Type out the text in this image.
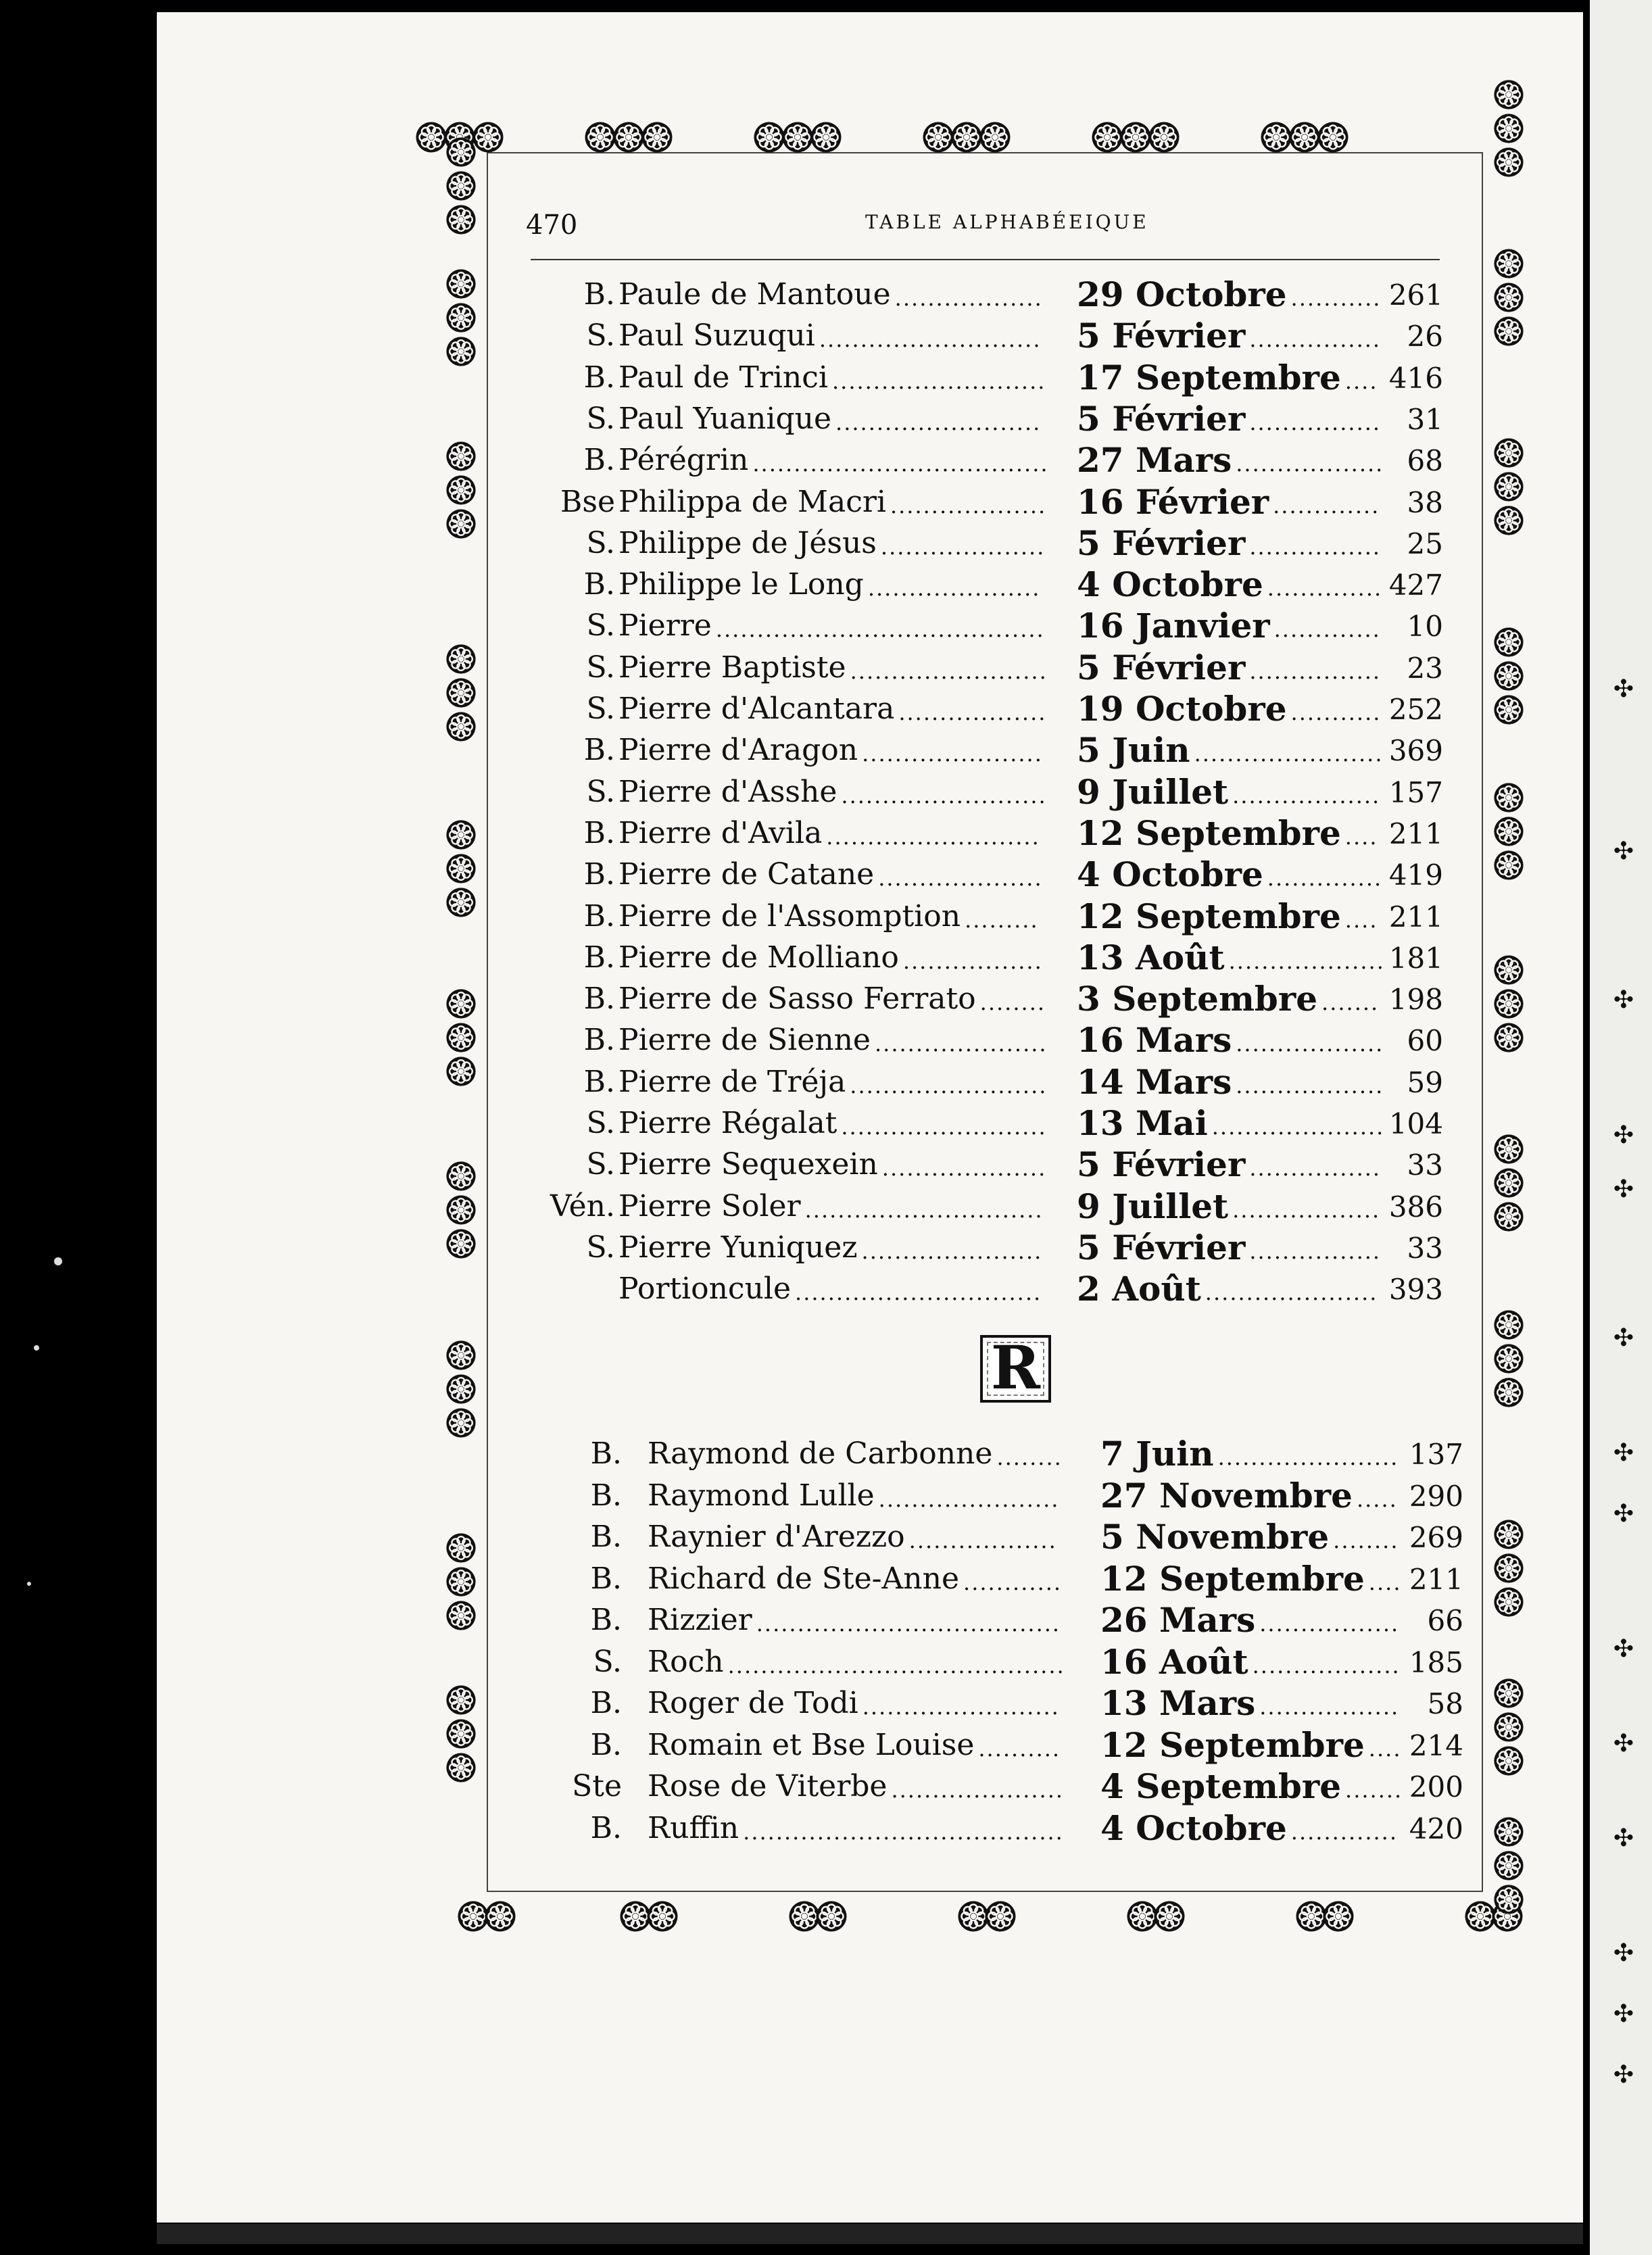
✣
✣
✣
✣
✣
✣
✣
✣
✣
✣
✣
✣
✣
✣
470	TABLE ALPHABÉEIQUE
B. Paule de Mantoue .................. 29 Octobre ........... 261
S. Paul Suzuqui ........................... 5 Février ................ 26
B. Paul de Trinci .......................... 17 Septembre .... 416
S. Paul Yuanique ......................... 5 Février ................ 31
B. Pérégrin .................................... 27 Mars .................. 68
Bse Philippa de Macri ................... 16 Février ............. 38
S. Philippe de Jésus .................... 5 Février ................ 25
B. Philippe le Long ..................... 4 Octobre .............. 427
S. Pierre ........................................ 16 Janvier ............. 10
S. Pierre Baptiste ........................ 5 Février ................ 23
S. Pierre d'Alcantara .................. 19 Octobre ........... 252
B. Pierre d'Aragon ...................... 5 Juin ....................... 369
S. Pierre d'Asshe ......................... 9 Juillet .................. 157
B. Pierre d'Avila .......................... 12 Septembre .... 211
B. Pierre de Catane .................... 4 Octobre .............. 419
B. Pierre de l'Assomption ......... 12 Septembre .... 211
B. Pierre de Molliano ................. 13 Août ................... 181
B. Pierre de Sasso Ferrato ........ 3 Septembre ....... 198
B. Pierre de Sienne ..................... 16 Mars .................. 60
B. Pierre de Tréja ........................ 14 Mars .................. 59
S. Pierre Régalat ......................... 13 Mai ..................... 104
S. Pierre Sequexein .................... 5 Février ................ 33
Vén. Pierre Soler ............................. 9 Juillet .................. 386
S. Pierre Yuniquez ...................... 5 Février ................ 33
Portioncule .............................. 2 Août ..................... 393
R
B. Raymond de Carbonne ........ 7 Juin ...................... 137
B. Raymond Lulle ...................... 27 Novembre ..... 290
B. Raynier d'Arezzo .................. 5 Novembre ........ 269
B. Richard de Ste-Anne ............ 12 Septembre .... 211
B. Rizzier ..................................... 26 Mars ................. 66
S. Roch ......................................... 16 Août .................. 185
B. Roger de Todi ........................ 13 Mars ................. 58
B. Romain et Bse Louise .......... 12 Septembre .... 214
Ste Rose de Viterbe ..................... 4 Septembre ....... 200
B. Ruffin ....................................... 4 Octobre ............. 420
